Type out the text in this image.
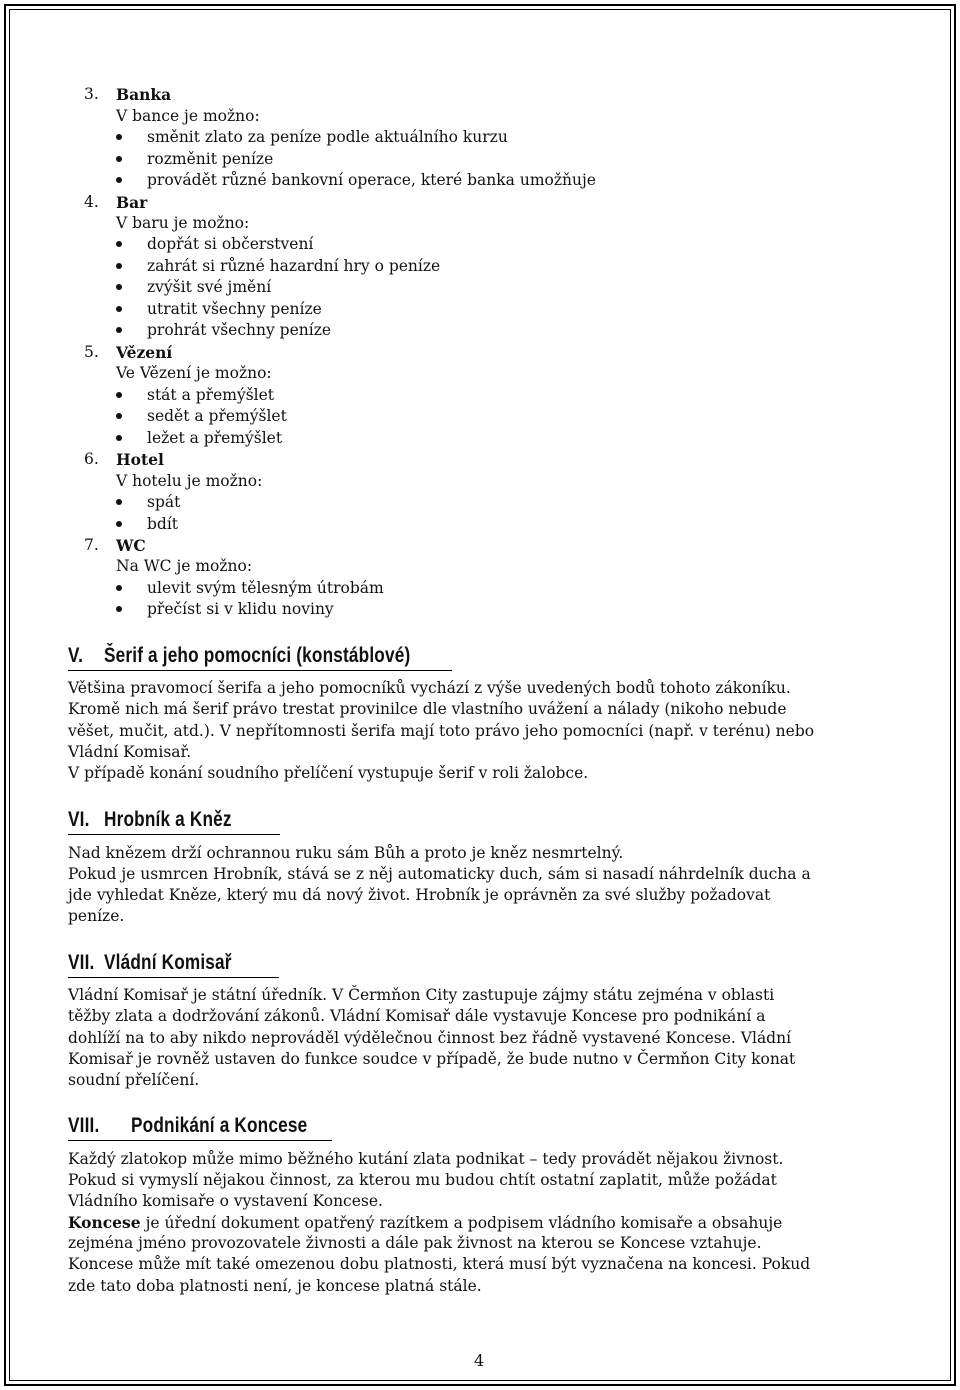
3. Banka
V bance je možno:
směnit zlato za peníze podle aktuálního kurzu
rozměnit peníze
provádět různé bankovní operace, které banka umožňuje
4. Bar
V baru je možno:
dopřát si občerstvení
zahrát si různé hazardní hry o peníze
zvýšit své jmění
utratit všechny peníze
prohrát všechny peníze
5. Vězení
Ve Vězení je možno:
stát a přemýšlet
sedět a přemýšlet
ležet a přemýšlet
6. Hotel
V hotelu je možno:
spát
bdít
7. WC
Na WC je možno:
ulevit svým tělesným útrobám
přečíst si v klidu noviny
V. Šerif a jeho pomocníci (konstáblové)
Většina pravomocí šerifa a jeho pomocníků vychází z výše uvedených bodů tohoto zákoníku.
Kromě nich má šerif právo trestat provinilce dle vlastního uvážení a nálady (nikoho nebude
věšet, mučit, atd.). V nepřítomnosti šerifa mají toto právo jeho pomocníci (např. v terénu) nebo
Vládní Komisař.
V případě konání soudního přelíčení vystupuje šerif v roli žalobce.
VI. Hrobník a Kněz
Nad knězem drží ochrannou ruku sám Bůh a proto je kněz nesmrtelný.
Pokud je usmrcen Hrobník, stává se z něj automaticky duch, sám si nasadí náhrdelník ducha a
jde vyhledat Kněze, který mu dá nový život. Hrobník je oprávněn za své služby požadovat
peníze.
VII. Vládní Komisař
Vládní Komisař je státní úředník. V Čermňon City zastupuje zájmy státu zejména v oblasti
těžby zlata a dodržování zákonů. Vládní Komisař dále vystavuje Koncese pro podnikání a
dohlíží na to aby nikdo neprováděl výdělečnou činnost bez řádně vystavené Koncese. Vládní
Komisař je rovněž ustaven do funkce soudce v případě, že bude nutno v Čermňon City konat
soudní přelíčení.
VIII. Podnikání a Koncese
Každý zlatokop může mimo běžného kutání zlata podnikat – tedy provádět nějakou živnost.
Pokud si vymyslí nějakou činnost, za kterou mu budou chtít ostatní zaplatit, může požádat
Vládního komisaře o vystavení Koncese.
Koncese je úřední dokument opatřený razítkem a podpisem vládního komisaře a obsahuje
zejména jméno provozovatele živnosti a dále pak živnost na kterou se Koncese vztahuje.
Koncese může mít také omezenou dobu platnosti, která musí být vyznačena na koncesi. Pokud
zde tato doba platnosti není, je koncese platná stále.
4
